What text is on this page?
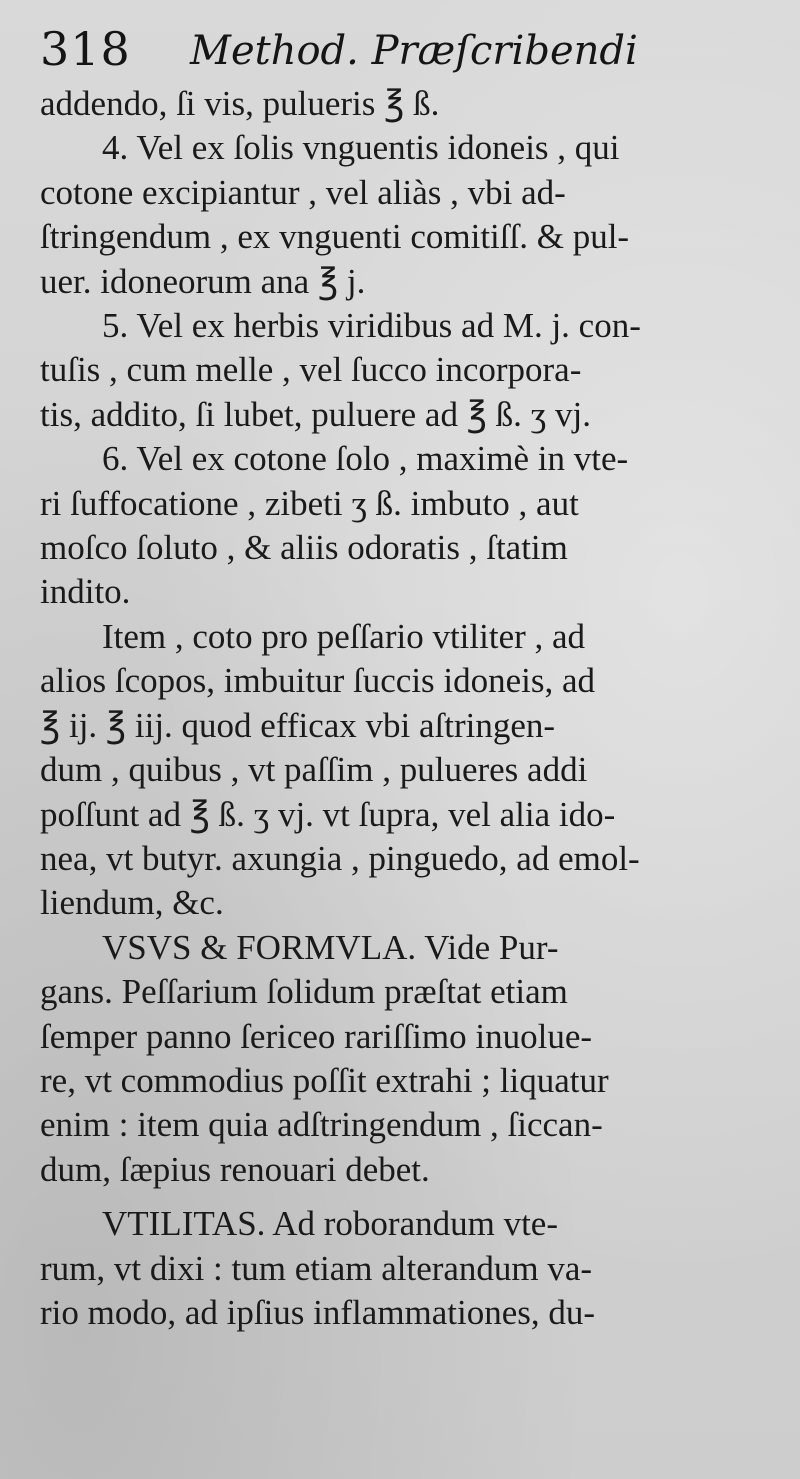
318 Method. Præſcribendi

addendo, ſi vis, pulueris ℥ ß.

4. Vel ex ſolis vnguentis idoneis , qui

cotone excipiantur , vel aliàs , vbi ad-

ſtringendum , ex vnguenti comitiſſ. & pul-

uer. idoneorum ana ℥ j.

5. Vel ex herbis viridibus ad M. j. con-

tuſis , cum melle , vel ſucco incorpora-

tis, addito, ſi lubet, puluere ad ℥ ß. ʒ vj.

6. Vel ex cotone ſolo , maximè in vte-

ri ſuffocatione , zibeti ʒ ß. imbuto , aut

moſco ſoluto , & aliis odoratis , ſtatim

indito.

Item , coto pro peſſario vtiliter , ad

alios ſcopos, imbuitur ſuccis idoneis, ad

℥ ij. ℥ iij. quod efficax vbi aſtringen-

dum , quibus , vt paſſim , pulueres addi

poſſunt ad ℥ ß. ʒ vj. vt ſupra, vel alia ido-

nea, vt butyr. axungia , pinguedo, ad emol-

liendum, &c.

VSVS & FORMVLA. Vide Pur-

gans. Peſſarium ſolidum præſtat etiam

ſemper panno ſericeo rariſſimo inuolue-

re, vt commodius poſſit extrahi ; liquatur

enim : item quia adſtringendum , ſiccan-

dum, ſæpius renouari debet.

VTILITAS. Ad roborandum vte-

rum, vt dixi : tum etiam alterandum va-

rio modo, ad ipſius inflammationes, du-
